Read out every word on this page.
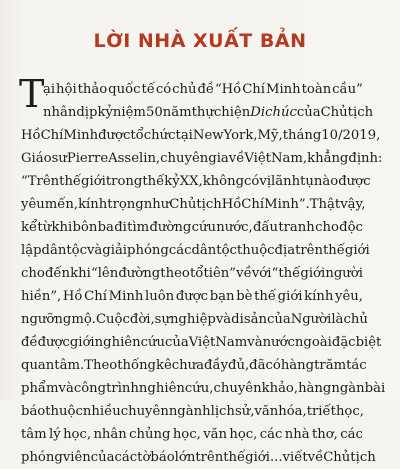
LỜI NHÀ XUẤT BẢN
T
ại hội thảo quốc tế có chủ đề “Hồ Chí Minh toàn cầu”
nhân dịp kỷ niệm 50 năm thực hiện Di chúc của Chủ tịch
Hồ Chí Minh được tổ chức tại New York, Mỹ, tháng 10/2019,
Giáo sư Pierre Asselin, chuyên gia về Việt Nam, khẳng định:
“Trên thế giới trong thế kỷ XX, không có vị lãnh tụ nào được
yêu mến, kính trọng như Chủ tịch Hồ Chí Minh”. Thật vậy,
kể từ khi bôn ba đi tìm đường cứu nước, đấu tranh cho độc
lập dân tộc và giải phóng các dân tộc thuộc địa trên thế giới
cho đến khi “lên đường theo tổ tiên” về với “thế giới người
hiền”, Hồ Chí Minh luôn được bạn bè thế giới kính yêu,
ngưỡng mộ. Cuộc đời, sự nghiệp và di sản của Người là chủ
đề được giới nghiên cứu của Việt Nam và nước ngoài đặc biệt
quan tâm. Theo thống kê chưa đầy đủ, đã có hàng trăm tác
phẩm và công trình nghiên cứu, chuyên khảo, hàng ngàn bài
báo thuộc nhiều chuyên ngành lịch sử, văn hóa, triết học,
tâm lý học, nhân chủng học, văn học, các nhà thơ, các
phóng viên của các tờ báo lớn trên thế giới... viết về Chủ tịch
